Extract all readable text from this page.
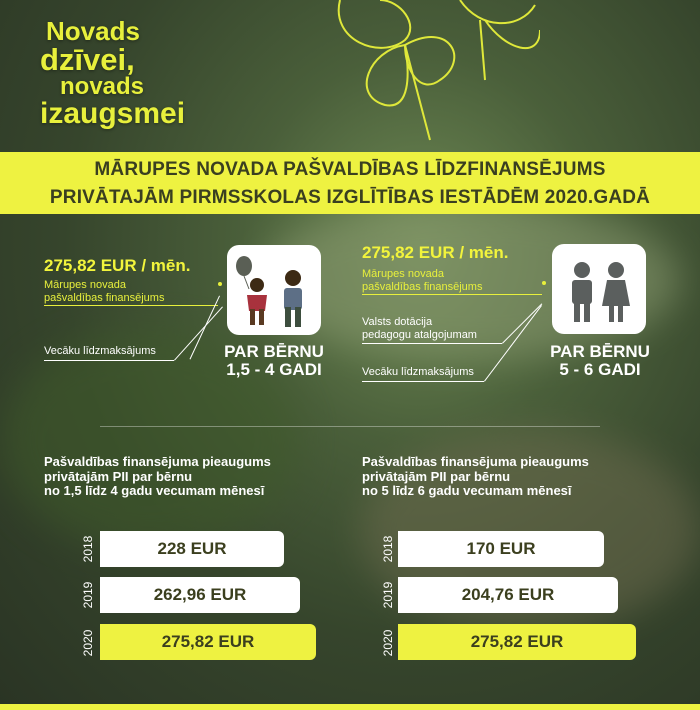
Novads
dzīvei,
novads
izaugsmei
MĀRUPES NOVADA PAŠVALDĪBAS LĪDZFINANSĒJUMS
PRIVĀTAJĀM PIRMSSKOLAS IZGLĪTĪBAS IESTĀDĒM 2020.GADĀ
275,82 EUR / mēn.
Mārupes novada
pašvaldības finansējums
Vecāku līdzmaksājums	PAR BĒRNU
1,5 - 4 GADI
275,82 EUR / mēn.
Mārupes novada
pašvaldības finansējums
Valsts dotācija
pedagogu atalgojumam
Vecāku līdzmaksājums
PAR BĒRNU
5 - 6 GADI
Pašvaldības finansējuma pieaugums
privātajām PII par bērnu
no 1,5 līdz 4 gadu vecumam mēnesī
2018	228 EUR
2019	262,96 EUR
2020	275,82 EUR
Pašvaldības finansējuma pieaugums
privātajām PII par bērnu
no 5 līdz 6 gadu vecumam mēnesī
2018	170 EUR
2019	204,76 EUR
2020	275,82 EUR
